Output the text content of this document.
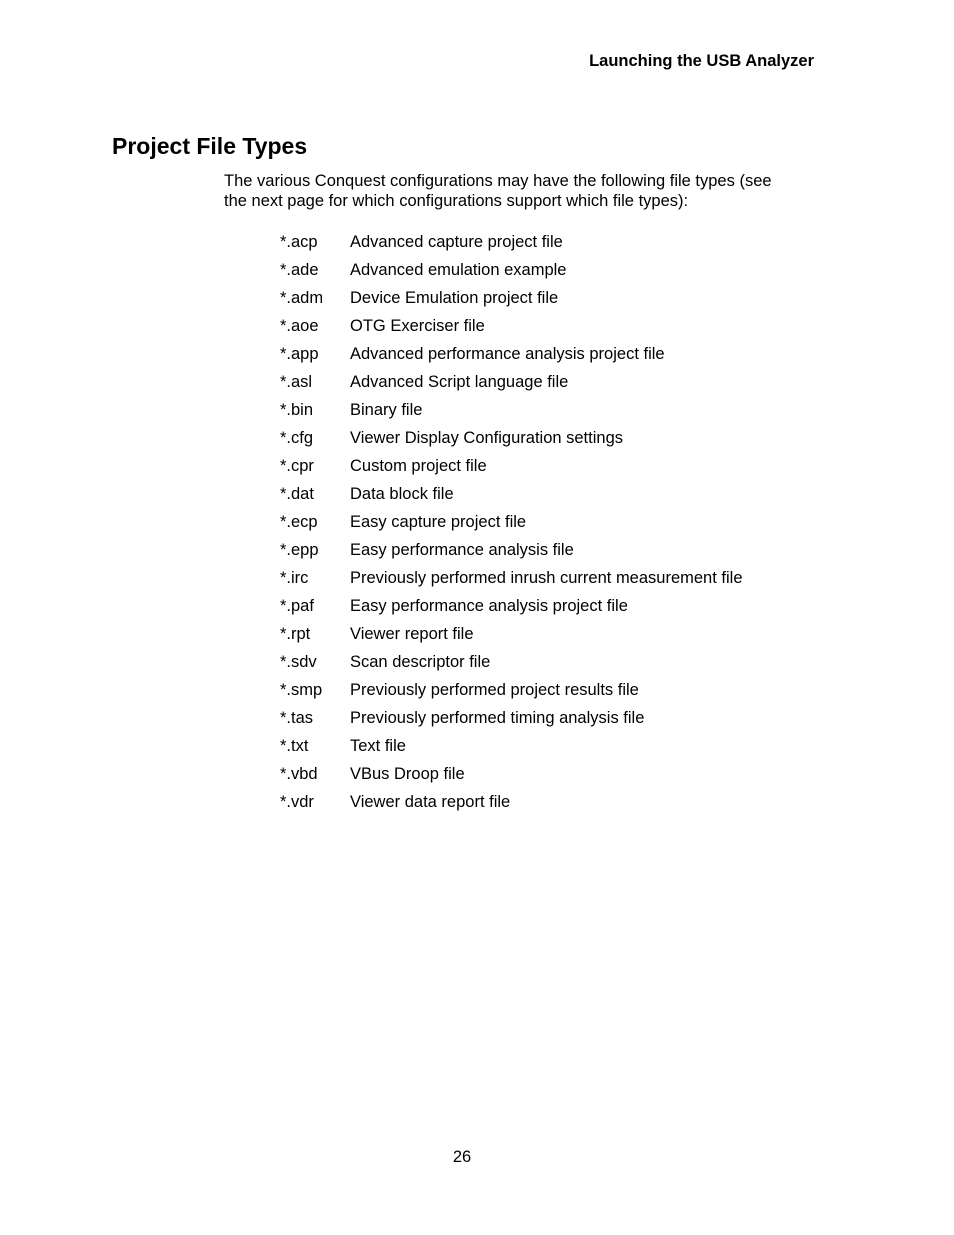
Launching the USB Analyzer
Project File Types

The various Conquest configurations may have the following file types (see
the next page for which configurations support which file types):

*.acp	Advanced capture project file
*.ade	Advanced emulation example
*.adm	Device Emulation project file
*.aoe	OTG Exerciser file
*.app	Advanced performance analysis project file
*.asl	Advanced Script language file
*.bin	Binary file
*.cfg	Viewer Display Configuration settings
*.cpr	Custom project file
*.dat	Data block file
*.ecp	Easy capture project file
*.epp	Easy performance analysis file
*.irc	Previously performed inrush current measurement file
*.paf	Easy performance analysis project file
*.rpt	Viewer report file
*.sdv	Scan descriptor file
*.smp	Previously performed project results file
*.tas	Previously performed timing analysis file
*.txt	Text file
*.vbd	VBus Droop file
*.vdr	Viewer data report file
26
